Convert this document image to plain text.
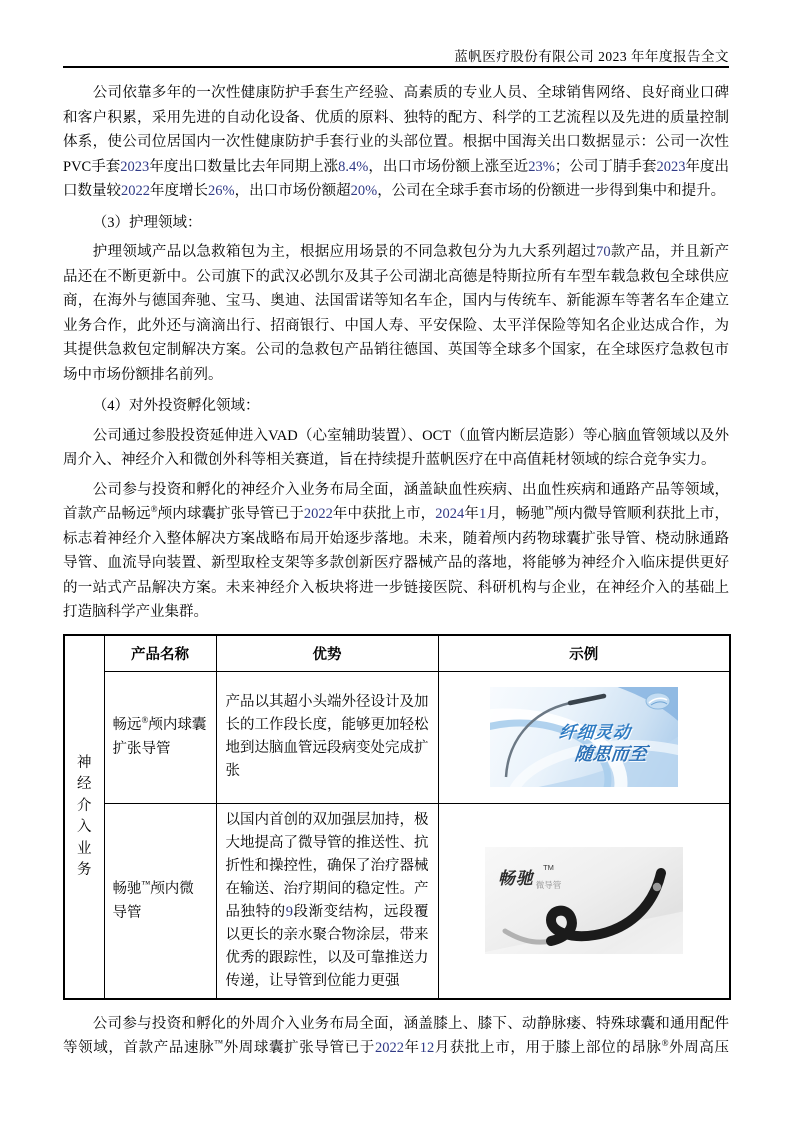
蓝帆医疗股份有限公司 2023 年年度报告全文

公司依靠多年的一次性健康防护手套生产经验、高素质的专业人员、全球销售网络、良好商业口碑和客户积累，采用先进的自动化设备、优质的原料、独特的配方、科学的工艺流程以及先进的质量控制体系，使公司位居国内一次性健康防护手套行业的头部位置。根据中国海关出口数据显示：公司一次性PVC手套2023年度出口数量比去年同期上涨8.4%，出口市场份额上涨至近23%；公司丁腈手套2023年度出口数量较2022年度增长26%，出口市场份额超20%，公司在全球手套市场的份额进一步得到集中和提升。

（3）护理领域：

护理领域产品以急救箱包为主，根据应用场景的不同急救包分为九大系列超过70款产品，并且新产品还在不断更新中。公司旗下的武汉必凯尔及其子公司湖北高德是特斯拉所有车型车载急救包全球供应商，在海外与德国奔驰、宝马、奥迪、法国雷诺等知名车企，国内与传统车、新能源车等著名车企建立业务合作，此外还与滴滴出行、招商银行、中国人寿、平安保险、太平洋保险等知名企业达成合作，为其提供急救包定制解决方案。公司的急救包产品销往德国、英国等全球多个国家，在全球医疗急救包市场中市场份额排名前列。

（4）对外投资孵化领域：

公司通过参股投资延伸进入VAD（心室辅助装置）、OCT（血管内断层造影）等心脑血管领域以及外周介入、神经介入和微创外科等相关赛道，旨在持续提升蓝帆医疗在中高值耗材领域的综合竞争实力。

公司参与投资和孵化的神经介入业务布局全面，涵盖缺血性疾病、出血性疾病和通路产品等领域，首款产品畅远®颅内球囊扩张导管已于2022年中获批上市，2024年1月，畅驰™颅内微导管顺利获批上市，标志着神经介入整体解决方案战略布局开始逐步落地。未来，随着颅内药物球囊扩张导管、桡动脉通路导管、血流导向装置、新型取栓支架等多款创新医疗器械产品的落地，将能够为神经介入临床提供更好的一站式产品解决方案。未来神经介入板块将进一步链接医院、科研机构与企业，在神经介入的基础上打造脑科学产业集群。

神
经
介
入
业
务
	产品名称	优势	示例
	畅远®颅内球囊扩张导管	产品以其超小头端外径设计及加长的工作段长度，能够更加轻松地到达脑血管远段病变处完成扩张	纤细灵动
随思而至

	畅驰™颅内微导管	以国内首创的双加强层加持，极大地提高了微导管的推送性、抗折性和操控性，确保了治疗器械在输送、治疗期间的稳定性。产品独特的9段渐变结构，远段覆以更长的亲水聚合物涂层，带来优秀的跟踪性，以及可靠推送力传递，让导管到位能力更强	畅驰
TM
微导管

公司参与投资和孵化的外周介入业务布局全面，涵盖膝上、膝下、动静脉瘘、特殊球囊和通用配件等领域，首款产品速脉™外周球囊扩张导管已于2022年12月获批上市，用于膝上部位的昂脉®外周高压
